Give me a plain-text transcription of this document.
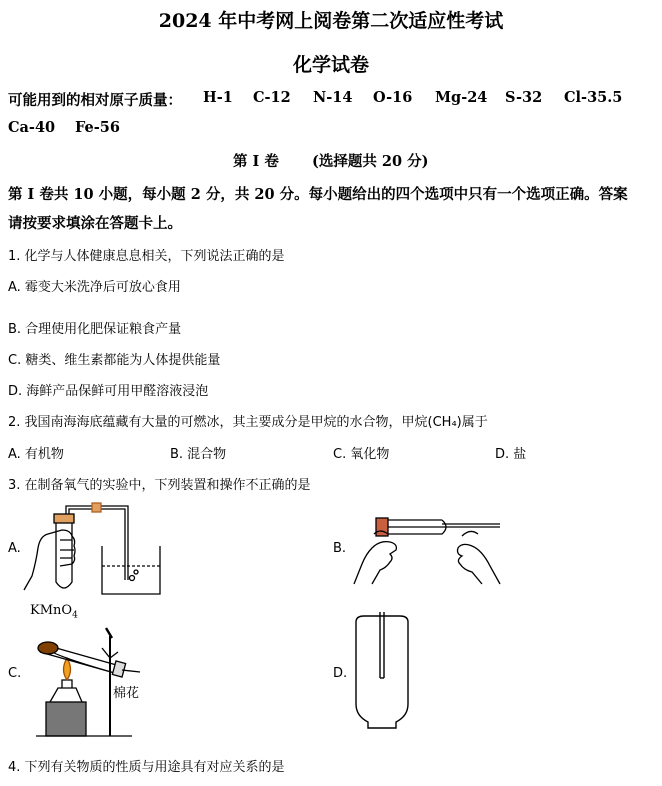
2024 年中考网上阅卷第二次适应性考试
化学试卷
可能用到的相对原子质量： H-1 C-12 N-14 O-16 Mg-24 S-32 Cl-35.5
Ca-40 Fe-56
第 I 卷 (选择题共 20 分)
第 I 卷共 10 小题，每小题 2 分，共 20 分。每小题给出的四个选项中只有一个选项正确。答案
请按要求填涂在答题卡上。
1. 化学与人体健康息息相关，下列说法正确的是
A. 霉变大米洗净后可放心食用
B. 合理使用化肥保证粮食产量
C. 糖类、维生素都能为人体提供能量
D. 海鲜产品保鲜可用甲醛溶液浸泡
2. 我国南海海底蕴藏有大量的可燃冰，其主要成分是甲烷的水合物，甲烷(CH₄)属于
A. 有机物	B. 混合物	C. 氧化物	D. 盐
3. 在制备氧气的实验中，下列装置和操作不正确的是
A.	B.
C.	D.
KMnO$_4$
棉花
4. 下列有关物质的性质与用途具有对应关系的是
